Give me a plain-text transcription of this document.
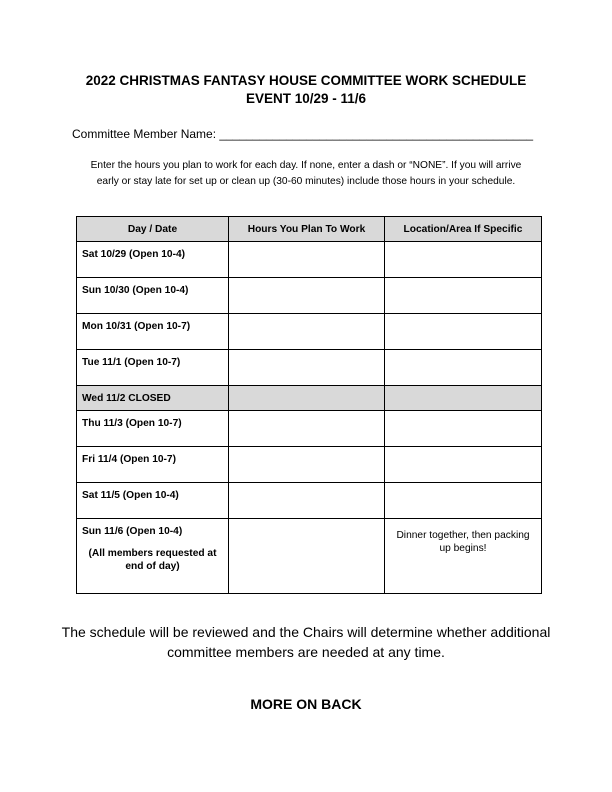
2022 CHRISTMAS FANTASY HOUSE COMMITTEE WORK SCHEDULE
EVENT 10/29 - 11/6
Committee Member Name: _______________________________________________
Enter the hours you plan to work for each day. If none, enter a dash or “NONE”. If you will arrive
early or stay late for set up or clean up (30-60 minutes) include those hours in your schedule.
Day / Date	Hours You Plan To Work	Location/Area If Specific
Sat 10/29 (Open 10-4)		
Sun 10/30 (Open 10-4)		
Mon 10/31 (Open 10-7)		
Tue 11/1 (Open 10-7)		
Wed 11/2 CLOSED		
Thu 11/3 (Open 10-7)		
Fri 11/4 (Open 10-7)		
Sat 11/5 (Open 10-4)		
Sun 11/6 (Open 10-4)
(All members requested at end of day)		Dinner together, then packing up begins!
The schedule will be reviewed and the Chairs will determine whether additional committee members are needed at any time.
MORE ON BACK
